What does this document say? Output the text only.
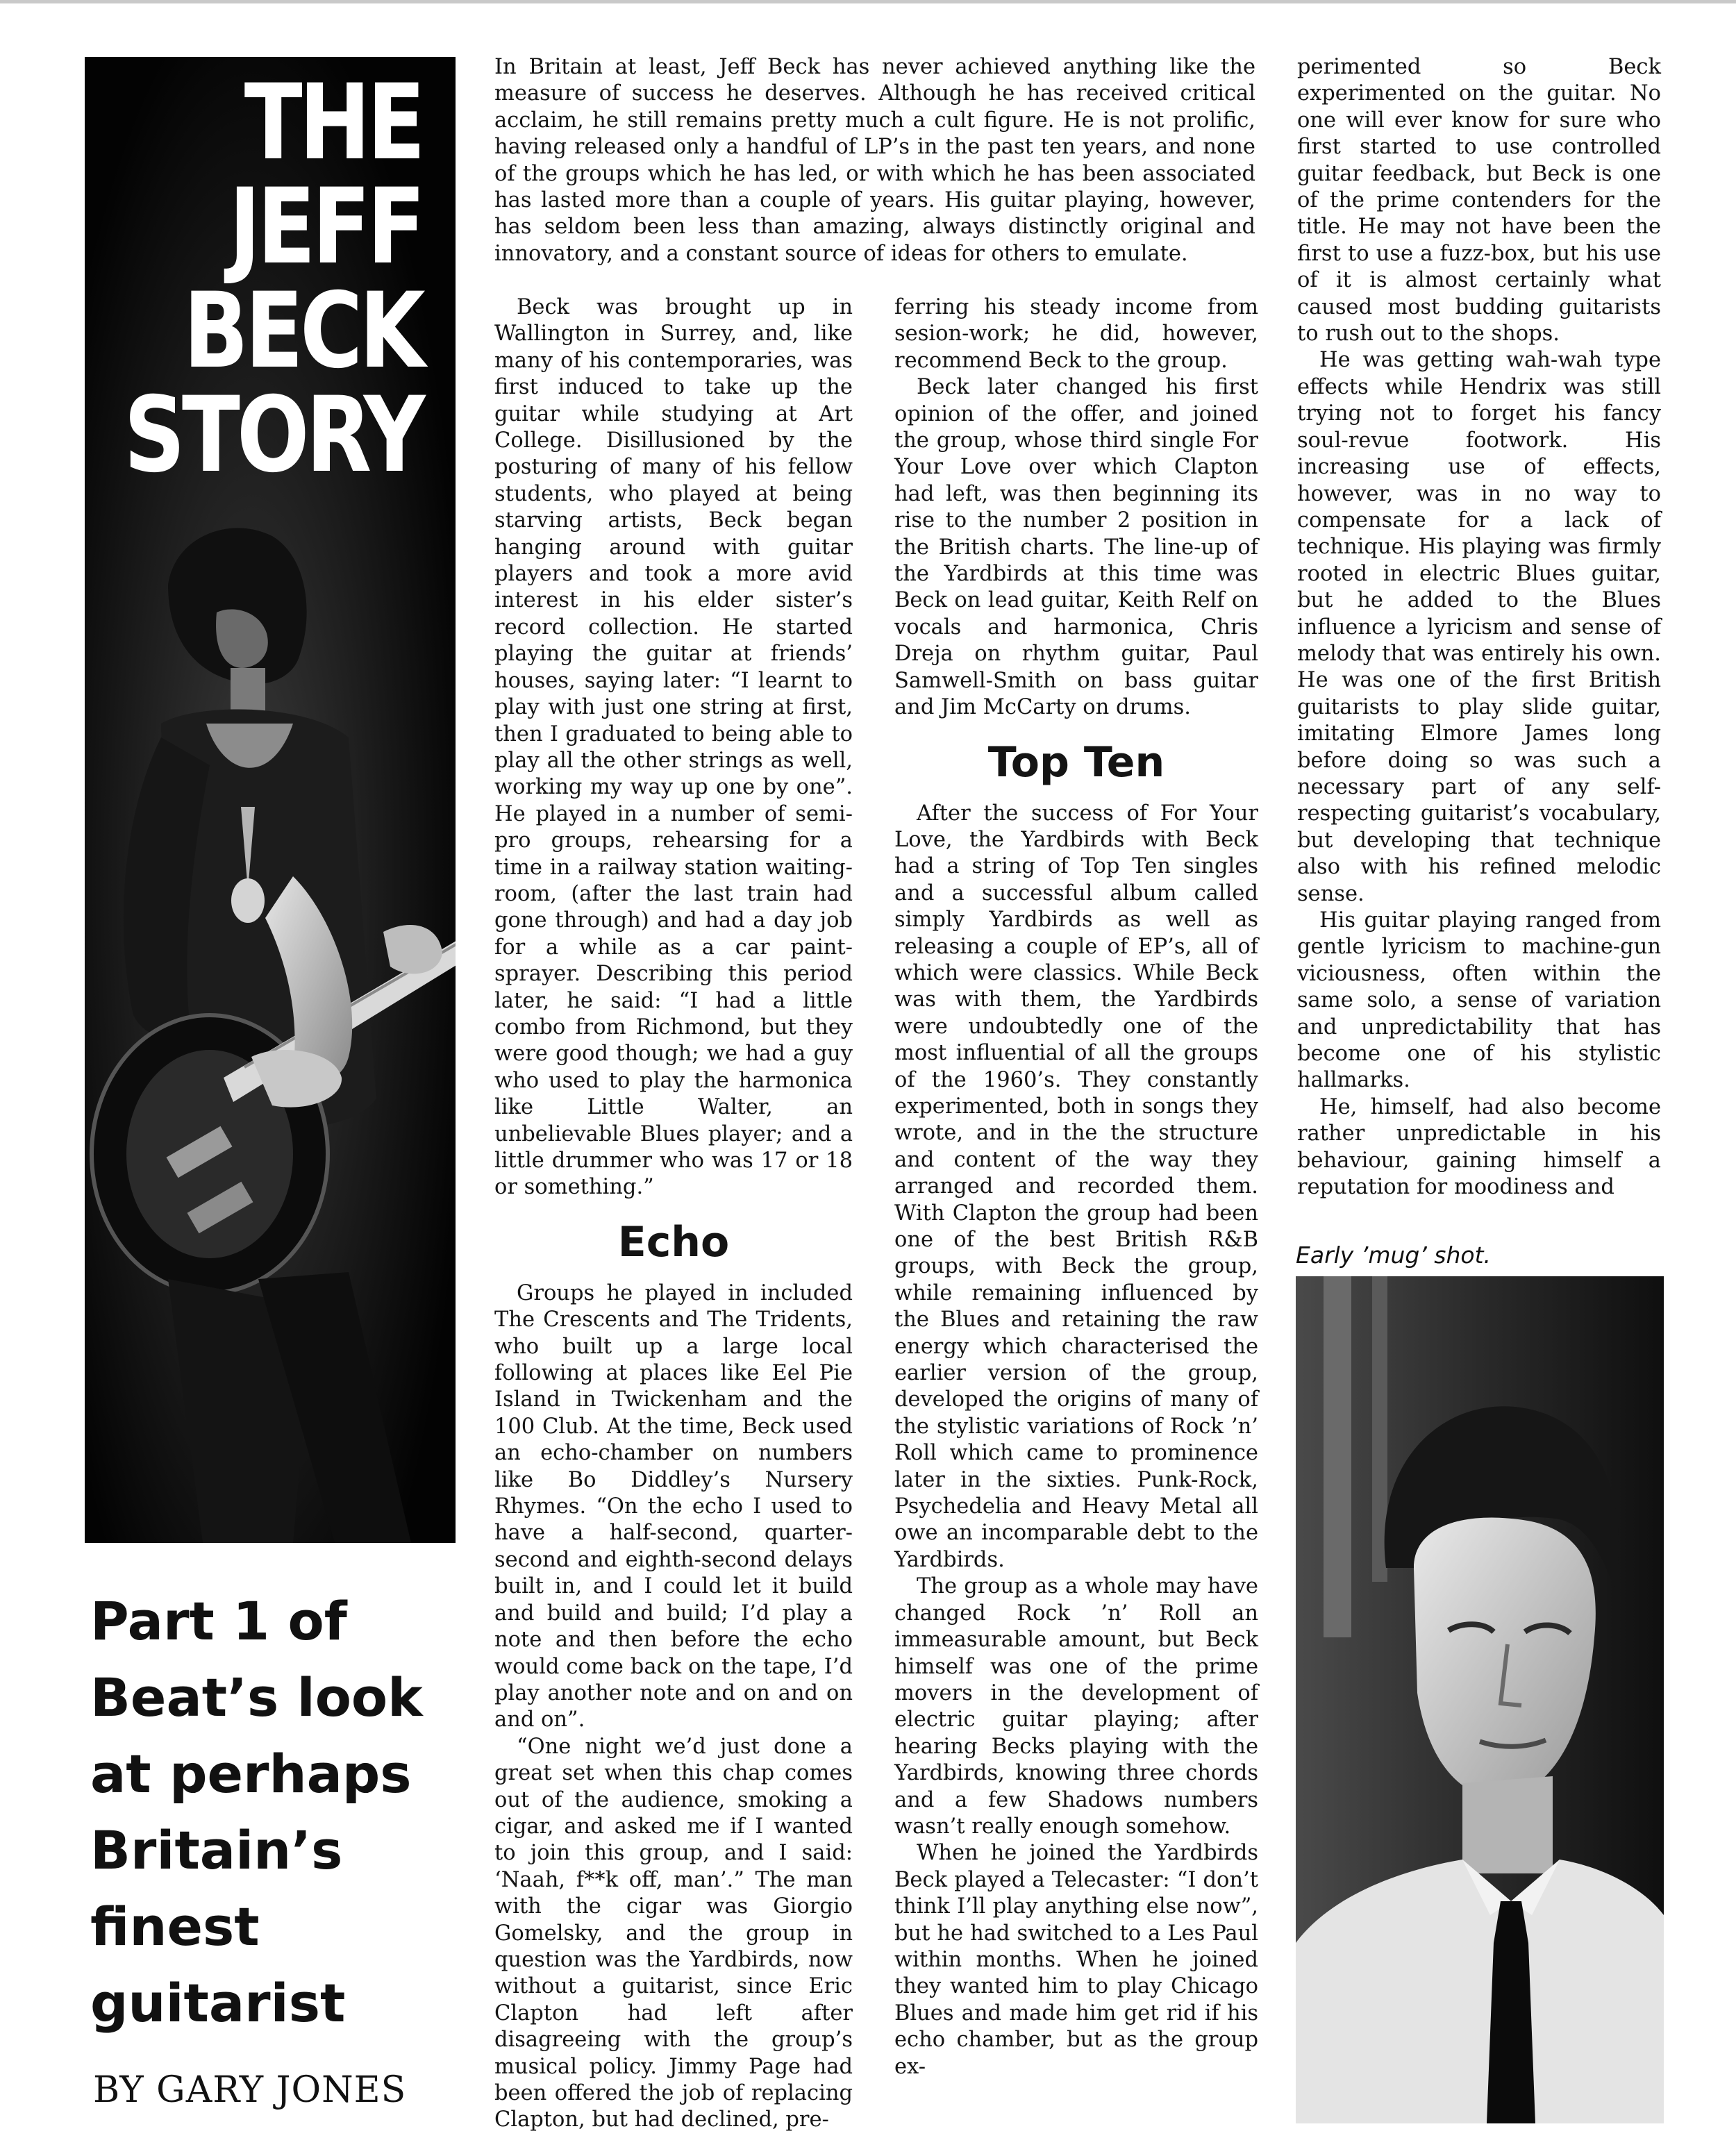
THE
JEFF
BECK
STORY
Part 1 of
Beat’s look
at perhaps
Britain’s
finest
guitarist
BY GARY JONES

In Britain at least, Jeff Beck has never achieved anything like the measure of success he deserves. Although he has received critical acclaim, he still remains pretty much a cult figure. He is not prolific, having released only a handful of LP’s in the past ten years, and none of the groups which he has led, or with which he has been associated has lasted more than a couple of years. His guitar playing, however, has seldom been less than amazing, always distinctly original and innovatory, and a constant source of ideas for others to emulate.

Beck was brought up in Wallington in Surrey, and, like many of his contemporaries, was first induced to take up the guitar while studying at Art College. Disillusioned by the posturing of many of his fellow students, who played at being starving artists, Beck began hanging around with guitar players and took a more avid interest in his elder sister’s record collection. He started playing the guitar at friends’ houses, saying later: “I learnt to play with just one string at first, then I graduated to being able to play all the other strings as well, working my way up one by one”. He played in a number of semi-pro groups, rehearsing for a time in a railway station waiting-room, (after the last train had gone through) and had a day job for a while as a car paint-sprayer. Describing this period later, he said: “I had a little combo from Richmond, but they were good though; we had a guy who used to play the harmonica like Little Walter, an unbelievable Blues player; and a little drummer who was 17 or 18 or something.”

Echo

Groups he played in included The Crescents and The Tridents, who built up a large local following at places like Eel Pie Island in Twickenham and the 100 Club. At the time, Beck used an echo-chamber on numbers like Bo Diddley’s Nursery Rhymes. “On the echo I used to have a half-second, quarter-second and eighth-second delays built in, and I could let it build and build and build; I’d play a note and then before the echo would come back on the tape, I’d play another note and on and on and on”.

“One night we’d just done a great set when this chap comes out of the audience, smoking a cigar, and asked me if I wanted to join this group, and I said: ‘Naah, f**k off, man’.” The man with the cigar was Giorgio Gomelsky, and the group in question was the Yardbirds, now without a guitarist, since Eric Clapton had left after disagreeing with the group’s musical policy. Jimmy Page had been offered the job of replacing Clapton, but had declined, pre-

ferring his steady income from sesion-work; he did, however, recommend Beck to the group.

Beck later changed his first opinion of the offer, and joined the group, whose third single For Your Love over which Clapton had left, was then beginning its rise to the number 2 position in the British charts. The line-up of the Yardbirds at this time was Beck on lead guitar, Keith Relf on vocals and harmonica, Chris Dreja on rhythm guitar, Paul Samwell-Smith on bass guitar and Jim McCarty on drums.

Top Ten

After the success of For Your Love, the Yardbirds with Beck had a string of Top Ten singles and a successful album called simply Yardbirds as well as releasing a couple of EP’s, all of which were classics. While Beck was with them, the Yardbirds were undoubtedly one of the most influential of all the groups of the 1960’s. They constantly experimented, both in songs they wrote, and in the the structure and content of the way they arranged and recorded them. With Clapton the group had been one of the best British R&B groups, with Beck the group, while remaining influenced by the Blues and retaining the raw energy which characterised the earlier version of the group, developed the origins of many of the stylistic variations of Rock ’n’ Roll which came to prominence later in the sixties. Punk-Rock, Psychedelia and Heavy Metal all owe an incomparable debt to the Yardbirds.

The group as a whole may have changed Rock ’n’ Roll an immeasurable amount, but Beck himself was one of the prime movers in the development of electric guitar playing; after hearing Becks playing with the Yardbirds, knowing three chords and a few Shadows numbers wasn’t really enough somehow.

When he joined the Yardbirds Beck played a Telecaster: “I don’t think I’ll play anything else now”, but he had switched to a Les Paul within months. When he joined they wanted him to play Chicago Blues and made him get rid if his echo chamber, but as the group ex-

perimented so Beck experimented on the guitar. No one will ever know for sure who first started to use controlled guitar feedback, but Beck is one of the prime contenders for the title. He may not have been the first to use a fuzz-box, but his use of it is almost certainly what caused most budding guitarists to rush out to the shops.

He was getting wah-wah type effects while Hendrix was still trying not to forget his fancy soul-revue footwork. His increasing use of effects, however, was in no way to compensate for a lack of technique. His playing was firmly rooted in electric Blues guitar, but he added to the Blues influence a lyricism and sense of melody that was entirely his own. He was one of the first British guitarists to play slide guitar, imitating Elmore James long before doing so was such a necessary part of any self-respecting guitarist’s vocabulary, but developing that technique also with his refined melodic sense.

His guitar playing ranged from gentle lyricism to machine-gun viciousness, often within the same solo, a sense of variation and unpredictability that has become one of his stylistic hallmarks.

He, himself, had also become rather unpredictable in his behaviour, gaining himself a reputation for moodiness and

Early ’mug’ shot.
